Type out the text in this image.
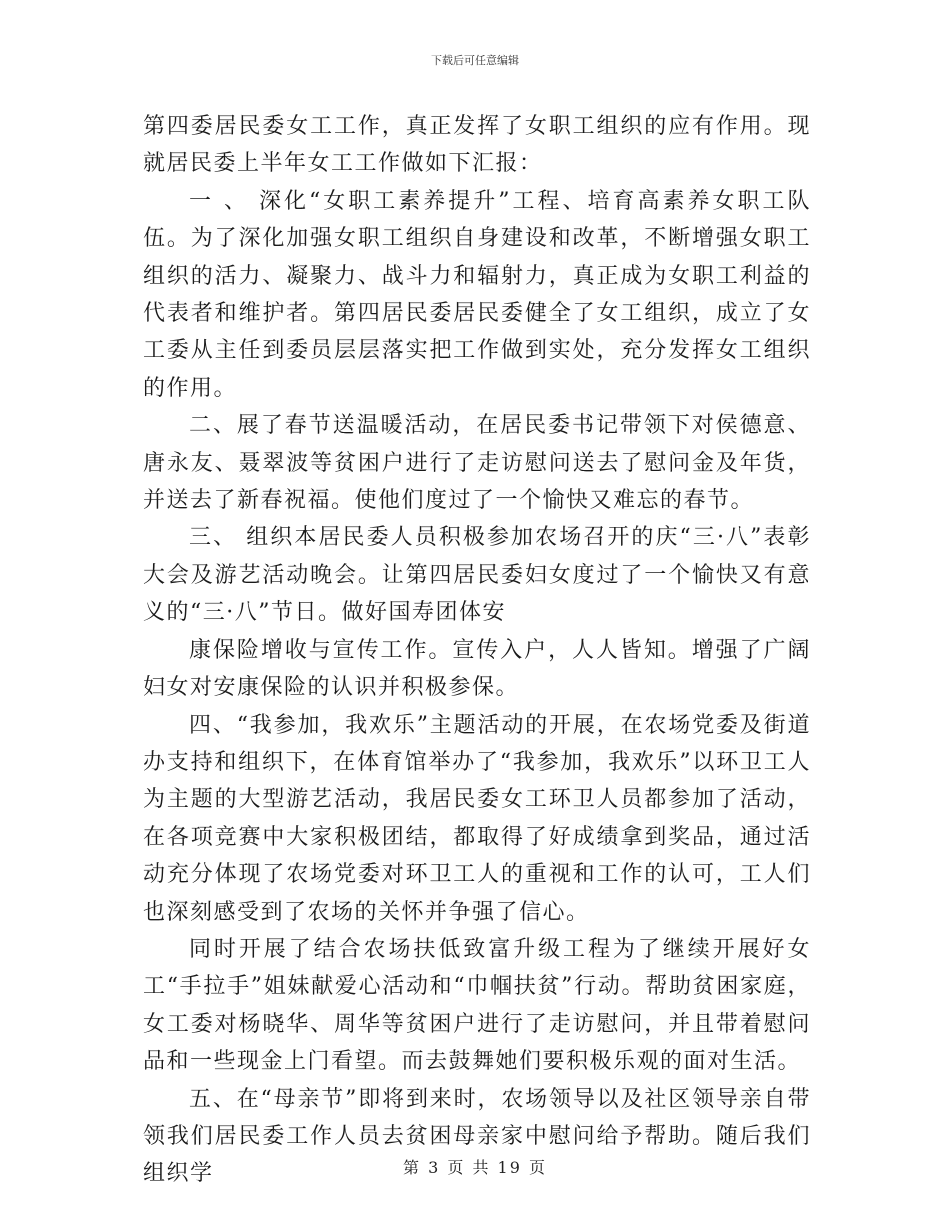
下载后可任意编辑

第四委居民委女工工作，真正发挥了女职工组织的应有作用。现就居民委上半年女工工作做如下汇报：

一 、 深化“女职工素养提升”工程、培育高素养女职工队伍。为了深化加强女职工组织自身建设和改革，不断增强女职工组织的活力、凝聚力、战斗力和辐射力，真正成为女职工利益的代表者和维护者。第四居民委居民委健全了女工组织，成立了女工委从主任到委员层层落实把工作做到实处，充分发挥女工组织的作用。

二、展了春节送温暖活动，在居民委书记带领下对侯德意、唐永友、聂翠波等贫困户进行了走访慰问送去了慰问金及年货，并送去了新春祝福。使他们度过了一个愉快又难忘的春节。

三、 组织本居民委人员积极参加农场召开的庆“三·八”表彰大会及游艺活动晚会。让第四居民委妇女度过了一个愉快又有意义的“三·八”节日。做好国寿团体安

康保险增收与宣传工作。宣传入户，人人皆知。增强了广阔妇女对安康保险的认识并积极参保。

四、“我参加，我欢乐”主题活动的开展，在农场党委及街道办支持和组织下，在体育馆举办了“我参加，我欢乐”以环卫工人为主题的大型游艺活动，我居民委女工环卫人员都参加了活动，在各项竞赛中大家积极团结，都取得了好成绩拿到奖品，通过活动充分体现了农场党委对环卫工人的重视和工作的认可，工人们也深刻感受到了农场的关怀并争强了信心。

同时开展了结合农场扶低致富升级工程为了继续开展好女工“手拉手”姐妹献爱心活动和“巾帼扶贫”行动。帮助贫困家庭，女工委对杨晓华、周华等贫困户进行了走访慰问，并且带着慰问品和一些现金上门看望。而去鼓舞她们要积极乐观的面对生活。

五、在“母亲节”即将到来时，农场领导以及社区领导亲自带领我们居民委工作人员去贫困母亲家中慰问给予帮助。随后我们组织学	第 3 页 共 19 页
